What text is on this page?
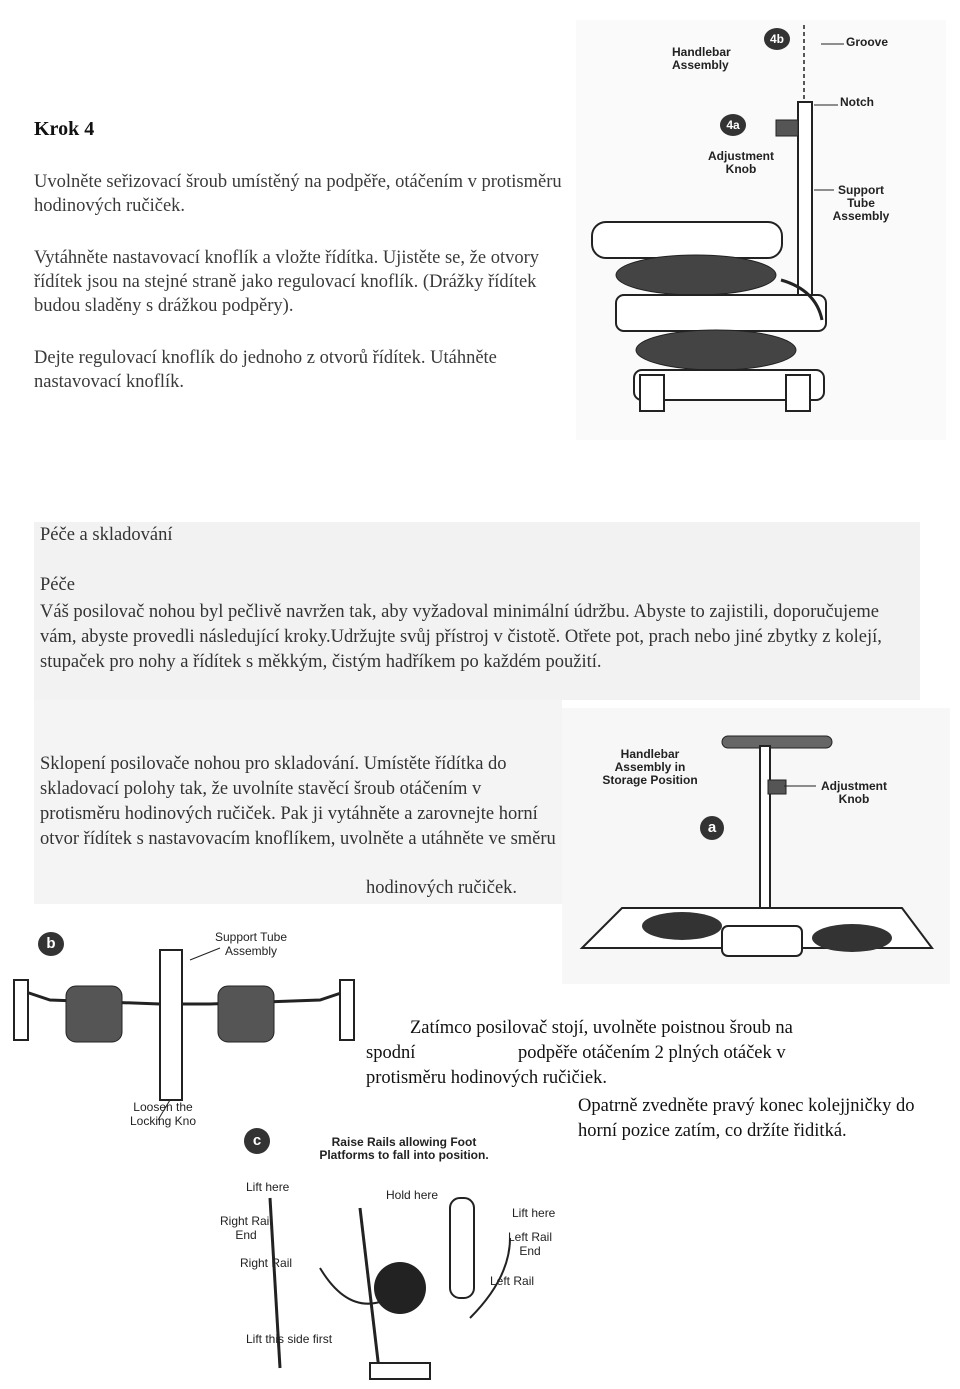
Krok 4
Uvolněte seřizovací šroub umístěný na podpěře, otáčením v protisměru hodinových ručiček.
Vytáhněte nastavovací knoflík a vložte řídítka. Ujistěte se, že otvory řídítek jsou na stejné straně jako regulovací knoflík. (Drážky řídítek budou sladěny s drážkou podpěry).
Dejte regulovací knoflík do jednoho z otvorů řídítek. Utáhněte nastavovací knoflík.
4b
4a
Handlebar Assembly
Groove
Notch
Adjustment Knob
Support Tube Assembly
Péče a skladování
Péče
Váš posilovač nohou byl pečlivě navržen tak, aby vyžadoval minimální údržbu. Abyste to zajistili, doporučujeme vám, abyste provedli následující kroky.Udržujte svůj přístroj v čistotě. Otřete pot, prach nebo jiné zbytky z kolejí, stupaček pro nohy a řídítek s měkkým, čistým hadříkem po každém použití.
Sklopení posilovače nohou pro skladování. Umístěte řídítka do skladovací polohy tak, že uvolníte stavěcí šroub otáčením v protisměru hodinových ručiček. Pak ji vytáhněte a zarovnejte horní otvor řídítek s nastavovacím knoflíkem, uvolněte a utáhněte ve směru
hodinových ručiček.
a
Handlebar Assembly in Storage Position	Adjustment Knob
b	Support Tube Assembly
Loosen the Locking Kno
c	Raise Rails allowing Foot Platforms to fall into position.
Lift here
Hold here
Lift here
Right Rail End	Left Rail End
Right Rail
Left Rail
Lift this side first
Zatímco posilovač stojí, uvolněte poistnou šroub na
spodní	podpěře otáčením 2 plných otáček v
protisměru hodinových ručičiek.
Opatrně zvedněte pravý konec kolejjničky do horní pozice zatím, co držíte řiditká.
